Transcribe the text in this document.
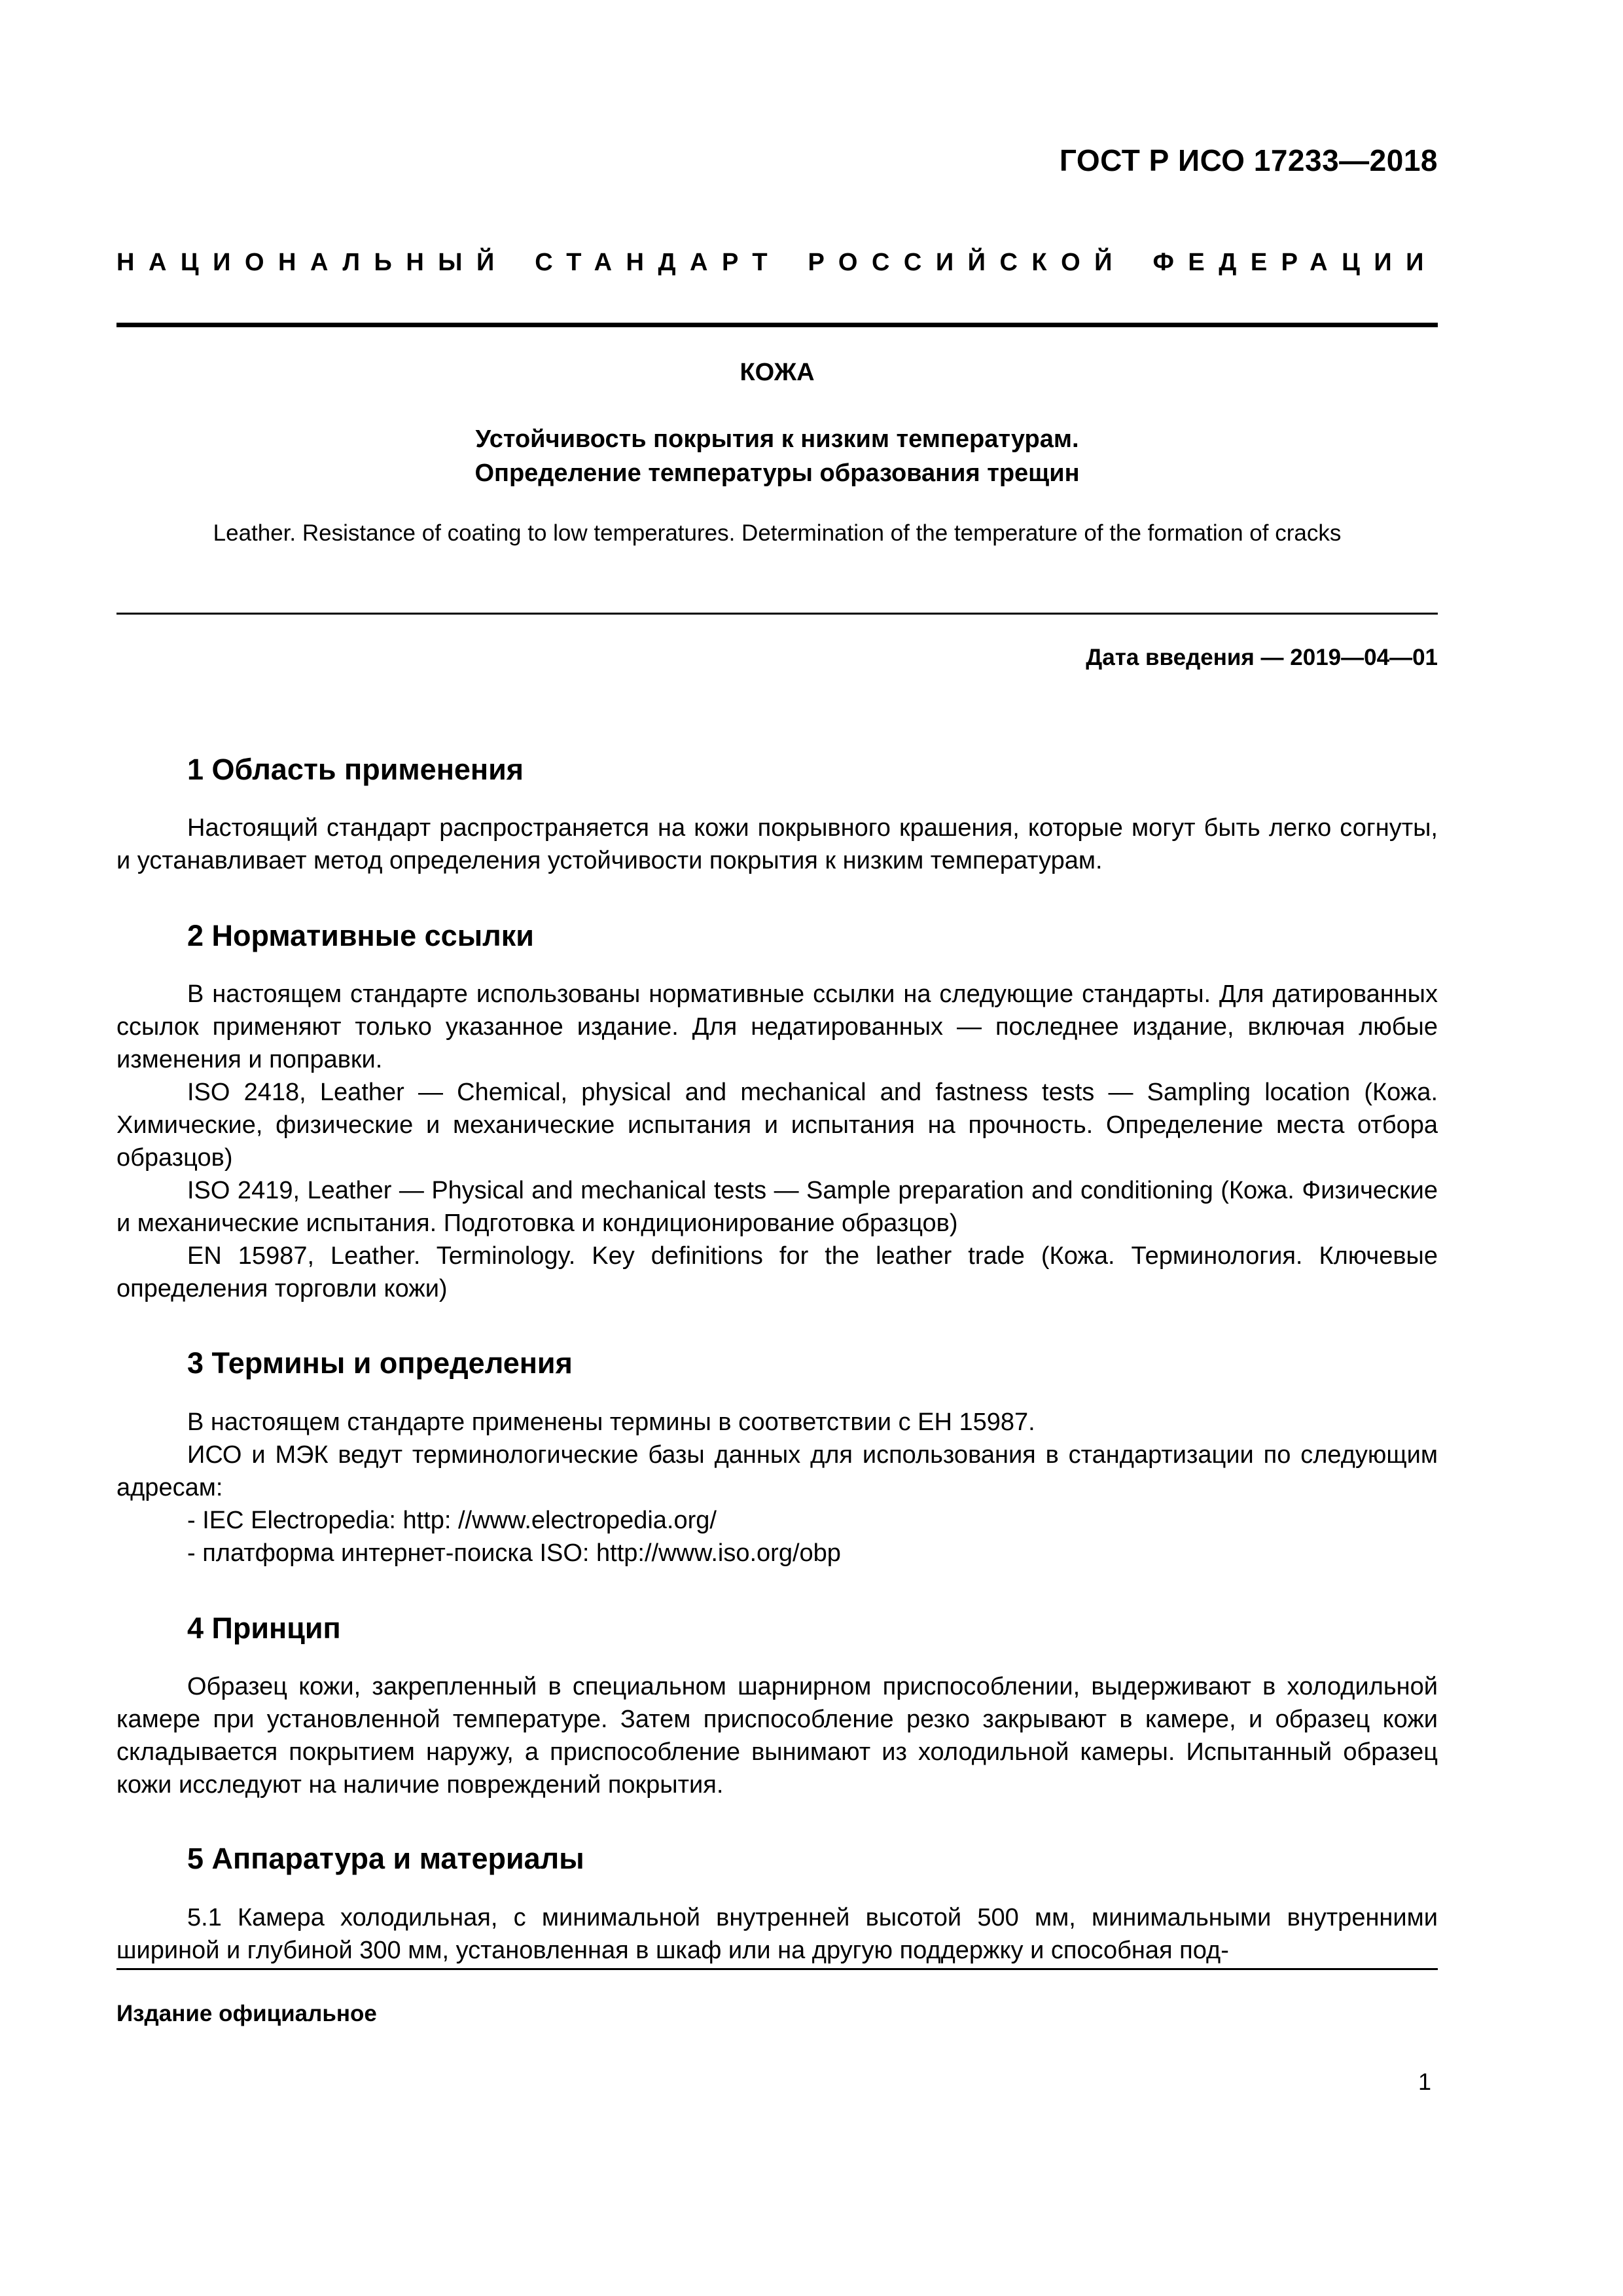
ГОСТ Р ИСО 17233—2018
НАЦИОНАЛЬНЫЙ СТАНДАРТ РОССИЙСКОЙ ФЕДЕРАЦИИ
КОЖА
Устойчивость покрытия к низким температурам.
Определение температуры образования трещин
Leather. Resistance of coating to low temperatures. Determination of the temperature of the formation of cracks
Дата введения — 2019—04—01
1 Область применения

Настоящий стандарт распространяется на кожи покрывного крашения, которые могут быть легко согнуты, и устанавливает метод определения устойчивости покрытия к низким температурам.

2 Нормативные ссылки

В настоящем стандарте использованы нормативные ссылки на следующие стандарты. Для датированных ссылок применяют только указанное издание. Для недатированных — последнее издание, включая любые изменения и поправки.

ISO 2418, Leather — Chemical, physical and mechanical and fastness tests — Sampling location (Кожа. Химические, физические и механические испытания и испытания на прочность. Определение места отбора образцов)

ISO 2419, Leather — Physical and mechanical tests — Sample preparation and conditioning (Кожа. Физические и механические испытания. Подготовка и кондиционирование образцов)

EN 15987, Leather. Terminology. Key definitions for the leather trade (Кожа. Терминология. Ключевые определения торговли кожи)

3 Термины и определения

В настоящем стандарте применены термины в соответствии с ЕН 15987.

ИСО и МЭК ведут терминологические базы данных для использования в стандартизации по следующим адресам:

- IEC Electropedia: http: //www.electropedia.org/
- платформа интернет-поиска ISO: http://www.iso.org/obp
4 Принцип

Образец кожи, закрепленный в специальном шарнирном приспособлении, выдерживают в холодильной камере при установленной температуре. Затем приспособление резко закрывают в камере, и образец кожи складывается покрытием наружу, а приспособление вынимают из холодильной камеры. Испытанный образец кожи исследуют на наличие повреждений покрытия.

5 Аппаратура и материалы

5.1 Камера холодильная, с минимальной внутренней высотой 500 мм, минимальными внутренними шириной и глубиной 300 мм, установленная в шкаф или на другую поддержку и способная под-

Издание официальное
1
